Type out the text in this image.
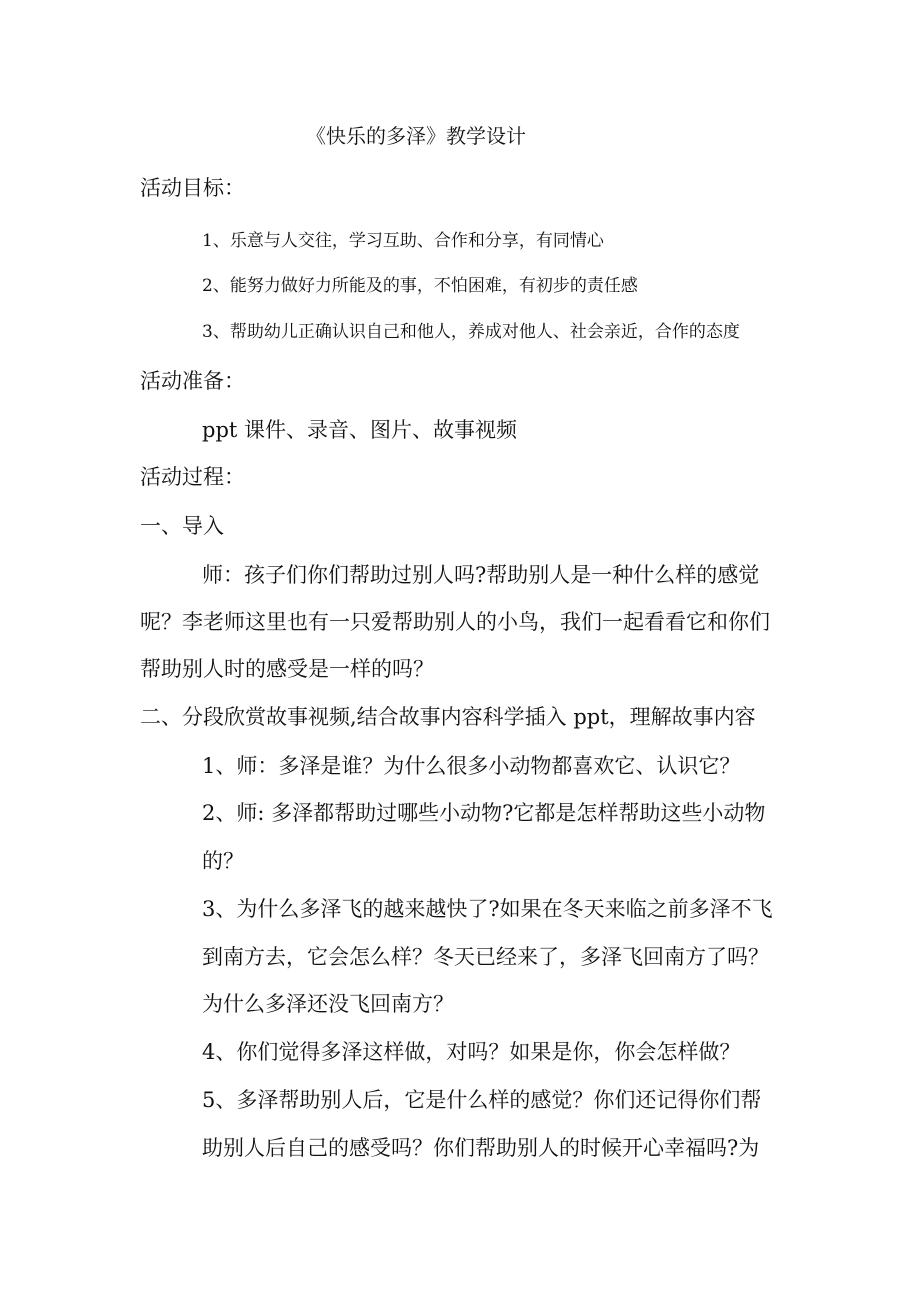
《快乐的多泽》教学设计
活动目标：
1、乐意与人交往，学习互助、合作和分享，有同情心
2、能努力做好力所能及的事，不怕困难，有初步的责任感
3、帮助幼儿正确认识自己和他人，养成对他人、社会亲近，合作的态度
活动准备：
ppt 课件、录音、图片、故事视频
活动过程：
一、导入
师：孩子们你们帮助过别人吗?帮助别人是一种什么样的感觉
呢？李老师这里也有一只爱帮助别人的小鸟，我们一起看看它和你们
帮助别人时的感受是一样的吗？
二、分段欣赏故事视频,结合故事内容科学插入 ppt，理解故事内容
1、师：多泽是谁？为什么很多小动物都喜欢它、认识它？
2、师: 多泽都帮助过哪些小动物?它都是怎样帮助这些小动物
的？
3、为什么多泽飞的越来越快了?如果在冬天来临之前多泽不飞
到南方去，它会怎么样？冬天已经来了，多泽飞回南方了吗？
为什么多泽还没飞回南方？
4、你们觉得多泽这样做，对吗？如果是你，你会怎样做？
5、多泽帮助别人后，它是什么样的感觉？你们还记得你们帮
助别人后自己的感受吗？你们帮助别人的时候开心幸福吗?为
